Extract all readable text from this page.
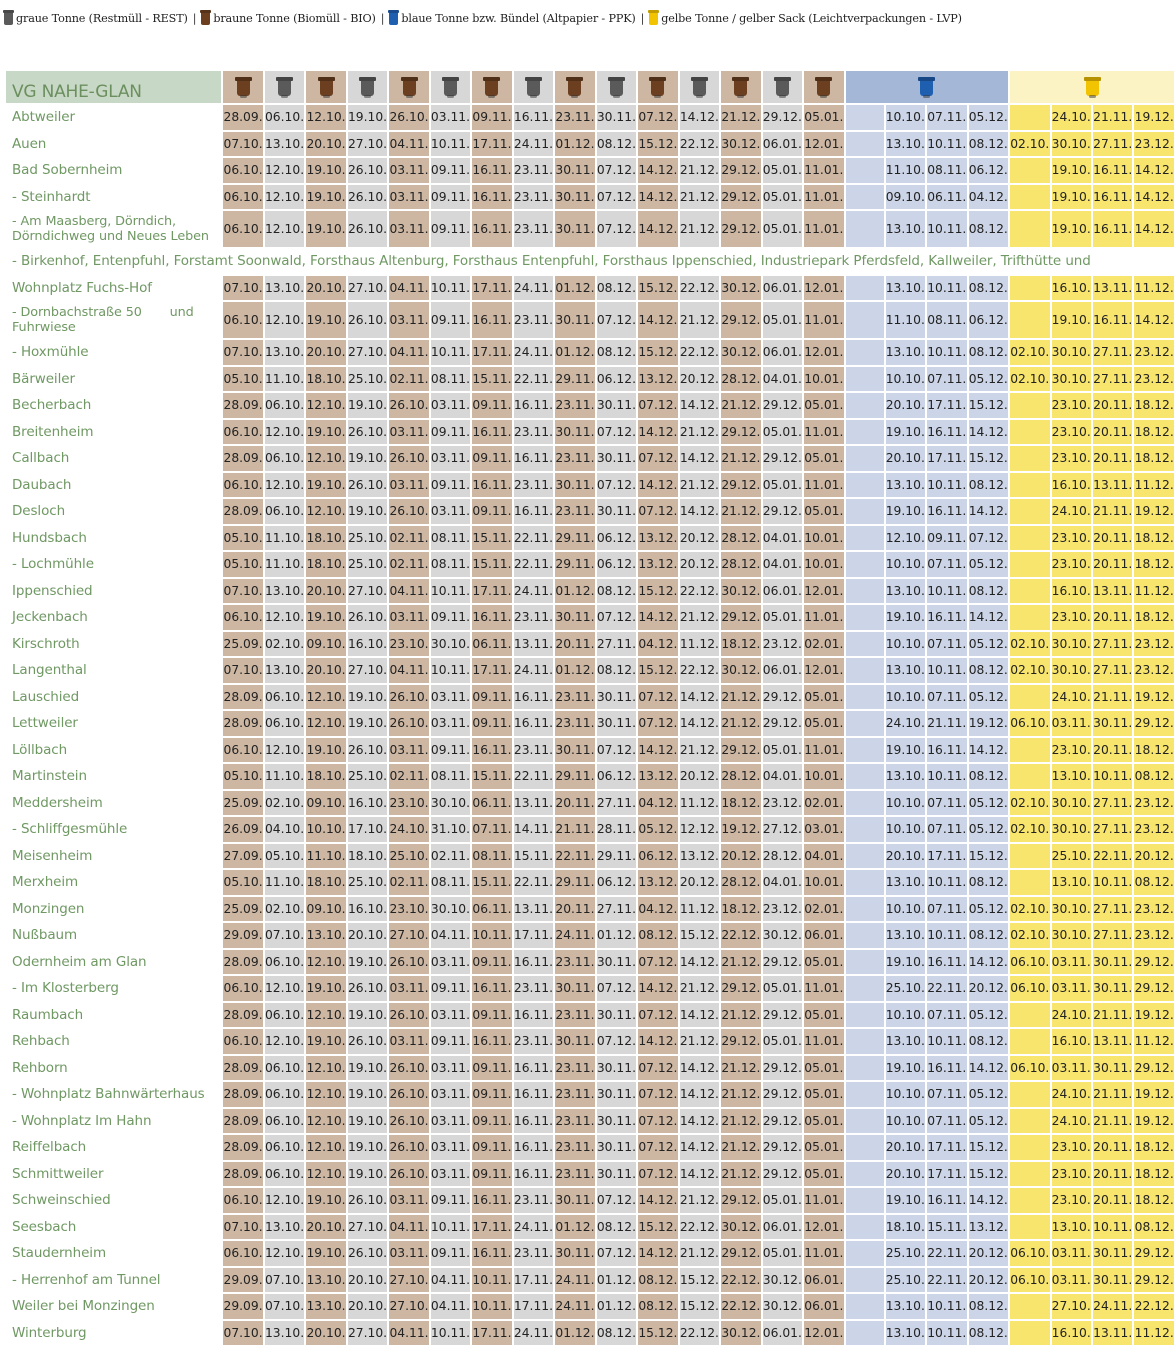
graue Tonne (Restmüll - REST) | braune Tonne (Biomüll - BIO) | blaue Tonne bzw. Bündel (Altpapier - PPK) | gelbe Tonne / gelber Sack (Leichtverpackungen - LVP)
VG NAHE-GLAN																							
Abtweiler	28.09.	06.10.	12.10.	19.10.	26.10.	03.11.	09.11.	16.11.	23.11.	30.11.	07.12.	14.12.	21.12.	29.12.	05.01.		10.10.	07.11.	05.12.		24.10.	21.11.	19.12.
Auen	07.10.	13.10.	20.10.	27.10.	04.11.	10.11.	17.11.	24.11.	01.12.	08.12.	15.12.	22.12.	30.12.	06.01.	12.01.		13.10.	10.11.	08.12.	02.10.	30.10.	27.11.	23.12.
Bad Sobernheim	06.10.	12.10.	19.10.	26.10.	03.11.	09.11.	16.11.	23.11.	30.11.	07.12.	14.12.	21.12.	29.12.	05.01.	11.01.		11.10.	08.11.	06.12.		19.10.	16.11.	14.12.
- Steinhardt	06.10.	12.10.	19.10.	26.10.	03.11.	09.11.	16.11.	23.11.	30.11.	07.12.	14.12.	21.12.	29.12.	05.01.	11.01.		09.10.	06.11.	04.12.		19.10.	16.11.	14.12.
- Am Maasberg, Dörndich,     Dörndichweg und Neues Leben	06.10.	12.10.	19.10.	26.10.	03.11.	09.11.	16.11.	23.11.	30.11.	07.12.	14.12.	21.12.	29.12.	05.01.	11.01.		13.10.	10.11.	08.12.		19.10.	16.11.	14.12.
- Birkenhof, Entenpfuhl, Forstamt Soonwald, Forsthaus Altenburg, Forsthaus Entenpfuhl, Forsthaus Ippenschied, Industriepark Pferdsfeld, Kallweiler, Trifthütte und																							
Wohnplatz Fuchs-Hof	07.10.	13.10.	20.10.	27.10.	04.11.	10.11.	17.11.	24.11.	01.12.	08.12.	15.12.	22.12.	30.12.	06.01.	12.01.		13.10.	10.11.	08.12.		16.10.	13.11.	11.12.
- Dornbachstraße 50       und Fuhrwiese	06.10.	12.10.	19.10.	26.10.	03.11.	09.11.	16.11.	23.11.	30.11.	07.12.	14.12.	21.12.	29.12.	05.01.	11.01.		11.10.	08.11.	06.12.		19.10.	16.11.	14.12.
- Hoxmühle	07.10.	13.10.	20.10.	27.10.	04.11.	10.11.	17.11.	24.11.	01.12.	08.12.	15.12.	22.12.	30.12.	06.01.	12.01.		13.10.	10.11.	08.12.	02.10.	30.10.	27.11.	23.12.
Bärweiler	05.10.	11.10.	18.10.	25.10.	02.11.	08.11.	15.11.	22.11.	29.11.	06.12.	13.12.	20.12.	28.12.	04.01.	10.01.		10.10.	07.11.	05.12.	02.10.	30.10.	27.11.	23.12.
Becherbach	28.09.	06.10.	12.10.	19.10.	26.10.	03.11.	09.11.	16.11.	23.11.	30.11.	07.12.	14.12.	21.12.	29.12.	05.01.		20.10.	17.11.	15.12.		23.10.	20.11.	18.12.
Breitenheim	06.10.	12.10.	19.10.	26.10.	03.11.	09.11.	16.11.	23.11.	30.11.	07.12.	14.12.	21.12.	29.12.	05.01.	11.01.		19.10.	16.11.	14.12.		23.10.	20.11.	18.12.
Callbach	28.09.	06.10.	12.10.	19.10.	26.10.	03.11.	09.11.	16.11.	23.11.	30.11.	07.12.	14.12.	21.12.	29.12.	05.01.		20.10.	17.11.	15.12.		23.10.	20.11.	18.12.
Daubach	06.10.	12.10.	19.10.	26.10.	03.11.	09.11.	16.11.	23.11.	30.11.	07.12.	14.12.	21.12.	29.12.	05.01.	11.01.		13.10.	10.11.	08.12.		16.10.	13.11.	11.12.
Desloch	28.09.	06.10.	12.10.	19.10.	26.10.	03.11.	09.11.	16.11.	23.11.	30.11.	07.12.	14.12.	21.12.	29.12.	05.01.		19.10.	16.11.	14.12.		24.10.	21.11.	19.12.
Hundsbach	05.10.	11.10.	18.10.	25.10.	02.11.	08.11.	15.11.	22.11.	29.11.	06.12.	13.12.	20.12.	28.12.	04.01.	10.01.		12.10.	09.11.	07.12.		23.10.	20.11.	18.12.
- Lochmühle	05.10.	11.10.	18.10.	25.10.	02.11.	08.11.	15.11.	22.11.	29.11.	06.12.	13.12.	20.12.	28.12.	04.01.	10.01.		10.10.	07.11.	05.12.		23.10.	20.11.	18.12.
Ippenschied	07.10.	13.10.	20.10.	27.10.	04.11.	10.11.	17.11.	24.11.	01.12.	08.12.	15.12.	22.12.	30.12.	06.01.	12.01.		13.10.	10.11.	08.12.		16.10.	13.11.	11.12.
Jeckenbach	06.10.	12.10.	19.10.	26.10.	03.11.	09.11.	16.11.	23.11.	30.11.	07.12.	14.12.	21.12.	29.12.	05.01.	11.01.		19.10.	16.11.	14.12.		23.10.	20.11.	18.12.
Kirschroth	25.09.	02.10.	09.10.	16.10.	23.10.	30.10.	06.11.	13.11.	20.11.	27.11.	04.12.	11.12.	18.12.	23.12.	02.01.		10.10.	07.11.	05.12.	02.10.	30.10.	27.11.	23.12.
Langenthal	07.10.	13.10.	20.10.	27.10.	04.11.	10.11.	17.11.	24.11.	01.12.	08.12.	15.12.	22.12.	30.12.	06.01.	12.01.		13.10.	10.11.	08.12.	02.10.	30.10.	27.11.	23.12.
Lauschied	28.09.	06.10.	12.10.	19.10.	26.10.	03.11.	09.11.	16.11.	23.11.	30.11.	07.12.	14.12.	21.12.	29.12.	05.01.		10.10.	07.11.	05.12.		24.10.	21.11.	19.12.
Lettweiler	28.09.	06.10.	12.10.	19.10.	26.10.	03.11.	09.11.	16.11.	23.11.	30.11.	07.12.	14.12.	21.12.	29.12.	05.01.		24.10.	21.11.	19.12.	06.10.	03.11.	30.11.	29.12.
Löllbach	06.10.	12.10.	19.10.	26.10.	03.11.	09.11.	16.11.	23.11.	30.11.	07.12.	14.12.	21.12.	29.12.	05.01.	11.01.		19.10.	16.11.	14.12.		23.10.	20.11.	18.12.
Martinstein	05.10.	11.10.	18.10.	25.10.	02.11.	08.11.	15.11.	22.11.	29.11.	06.12.	13.12.	20.12.	28.12.	04.01.	10.01.		13.10.	10.11.	08.12.		13.10.	10.11.	08.12.
Meddersheim	25.09.	02.10.	09.10.	16.10.	23.10.	30.10.	06.11.	13.11.	20.11.	27.11.	04.12.	11.12.	18.12.	23.12.	02.01.		10.10.	07.11.	05.12.	02.10.	30.10.	27.11.	23.12.
- Schliffgesmühle	26.09.	04.10.	10.10.	17.10.	24.10.	31.10.	07.11.	14.11.	21.11.	28.11.	05.12.	12.12.	19.12.	27.12.	03.01.		10.10.	07.11.	05.12.	02.10.	30.10.	27.11.	23.12.
Meisenheim	27.09.	05.10.	11.10.	18.10.	25.10.	02.11.	08.11.	15.11.	22.11.	29.11.	06.12.	13.12.	20.12.	28.12.	04.01.		20.10.	17.11.	15.12.		25.10.	22.11.	20.12.
Merxheim	05.10.	11.10.	18.10.	25.10.	02.11.	08.11.	15.11.	22.11.	29.11.	06.12.	13.12.	20.12.	28.12.	04.01.	10.01.		13.10.	10.11.	08.12.		13.10.	10.11.	08.12.
Monzingen	25.09.	02.10.	09.10.	16.10.	23.10.	30.10.	06.11.	13.11.	20.11.	27.11.	04.12.	11.12.	18.12.	23.12.	02.01.		10.10.	07.11.	05.12.	02.10.	30.10.	27.11.	23.12.
Nußbaum	29.09.	07.10.	13.10.	20.10.	27.10.	04.11.	10.11.	17.11.	24.11.	01.12.	08.12.	15.12.	22.12.	30.12.	06.01.		13.10.	10.11.	08.12.	02.10.	30.10.	27.11.	23.12.
Odernheim am Glan	28.09.	06.10.	12.10.	19.10.	26.10.	03.11.	09.11.	16.11.	23.11.	30.11.	07.12.	14.12.	21.12.	29.12.	05.01.		19.10.	16.11.	14.12.	06.10.	03.11.	30.11.	29.12.
- Im Klosterberg	06.10.	12.10.	19.10.	26.10.	03.11.	09.11.	16.11.	23.11.	30.11.	07.12.	14.12.	21.12.	29.12.	05.01.	11.01.		25.10.	22.11.	20.12.	06.10.	03.11.	30.11.	29.12.
Raumbach	28.09.	06.10.	12.10.	19.10.	26.10.	03.11.	09.11.	16.11.	23.11.	30.11.	07.12.	14.12.	21.12.	29.12.	05.01.		10.10.	07.11.	05.12.		24.10.	21.11.	19.12.
Rehbach	06.10.	12.10.	19.10.	26.10.	03.11.	09.11.	16.11.	23.11.	30.11.	07.12.	14.12.	21.12.	29.12.	05.01.	11.01.		13.10.	10.11.	08.12.		16.10.	13.11.	11.12.
Rehborn	28.09.	06.10.	12.10.	19.10.	26.10.	03.11.	09.11.	16.11.	23.11.	30.11.	07.12.	14.12.	21.12.	29.12.	05.01.		19.10.	16.11.	14.12.	06.10.	03.11.	30.11.	29.12.
- Wohnplatz Bahnwärterhaus	28.09.	06.10.	12.10.	19.10.	26.10.	03.11.	09.11.	16.11.	23.11.	30.11.	07.12.	14.12.	21.12.	29.12.	05.01.		10.10.	07.11.	05.12.		24.10.	21.11.	19.12.
- Wohnplatz Im Hahn	28.09.	06.10.	12.10.	19.10.	26.10.	03.11.	09.11.	16.11.	23.11.	30.11.	07.12.	14.12.	21.12.	29.12.	05.01.		10.10.	07.11.	05.12.		24.10.	21.11.	19.12.
Reiffelbach	28.09.	06.10.	12.10.	19.10.	26.10.	03.11.	09.11.	16.11.	23.11.	30.11.	07.12.	14.12.	21.12.	29.12.	05.01.		20.10.	17.11.	15.12.		23.10.	20.11.	18.12.
Schmittweiler	28.09.	06.10.	12.10.	19.10.	26.10.	03.11.	09.11.	16.11.	23.11.	30.11.	07.12.	14.12.	21.12.	29.12.	05.01.		20.10.	17.11.	15.12.		23.10.	20.11.	18.12.
Schweinschied	06.10.	12.10.	19.10.	26.10.	03.11.	09.11.	16.11.	23.11.	30.11.	07.12.	14.12.	21.12.	29.12.	05.01.	11.01.		19.10.	16.11.	14.12.		23.10.	20.11.	18.12.
Seesbach	07.10.	13.10.	20.10.	27.10.	04.11.	10.11.	17.11.	24.11.	01.12.	08.12.	15.12.	22.12.	30.12.	06.01.	12.01.		18.10.	15.11.	13.12.		13.10.	10.11.	08.12.
Staudernheim	06.10.	12.10.	19.10.	26.10.	03.11.	09.11.	16.11.	23.11.	30.11.	07.12.	14.12.	21.12.	29.12.	05.01.	11.01.		25.10.	22.11.	20.12.	06.10.	03.11.	30.11.	29.12.
- Herrenhof am Tunnel	29.09.	07.10.	13.10.	20.10.	27.10.	04.11.	10.11.	17.11.	24.11.	01.12.	08.12.	15.12.	22.12.	30.12.	06.01.		25.10.	22.11.	20.12.	06.10.	03.11.	30.11.	29.12.
Weiler bei Monzingen	29.09.	07.10.	13.10.	20.10.	27.10.	04.11.	10.11.	17.11.	24.11.	01.12.	08.12.	15.12.	22.12.	30.12.	06.01.		13.10.	10.11.	08.12.		27.10.	24.11.	22.12.
Winterburg	07.10.	13.10.	20.10.	27.10.	04.11.	10.11.	17.11.	24.11.	01.12.	08.12.	15.12.	22.12.	30.12.	06.01.	12.01.		13.10.	10.11.	08.12.		16.10.	13.11.	11.12.
